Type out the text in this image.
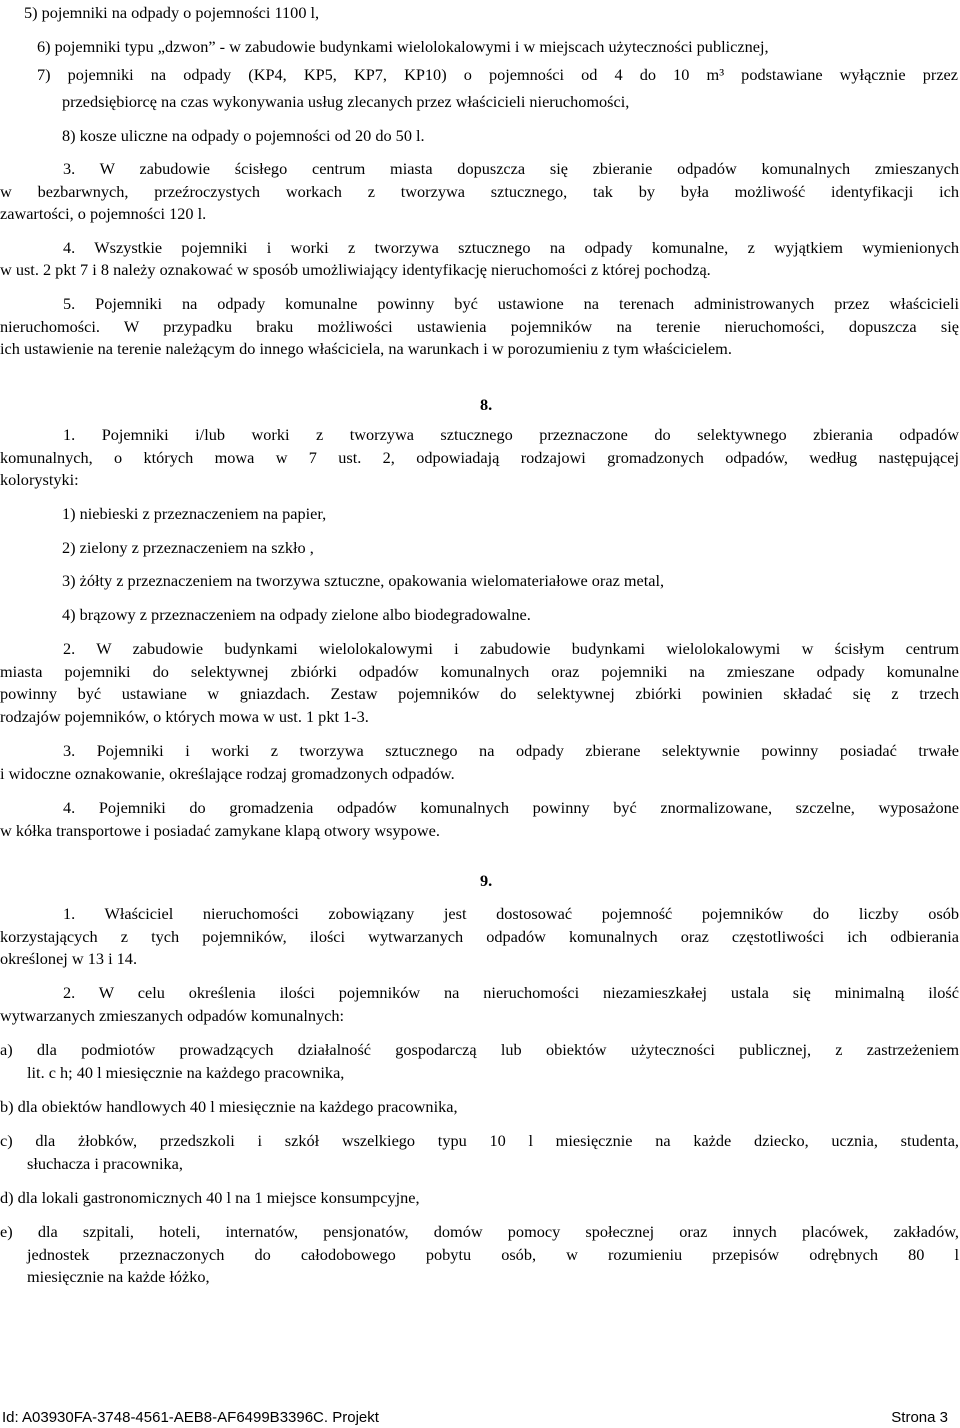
5) pojemniki na odpady o pojemności 1100 l,
6) pojemniki typu „dzwon” - w zabudowie budynkami wielolokalowymi i w miejscach użyteczności publicznej,
7) pojemniki na odpady (KP4, KP5, KP7, KP10) o pojemności od 4 do 10 m³ podstawiane wyłącznie przez
przedsiębiorcę na czas wykonywania usług zlecanych przez właścicieli nieruchomości,
8) kosze uliczne na odpady o pojemności od 20 do 50 l.
3. W zabudowie ścisłego centrum miasta dopuszcza się zbieranie odpadów komunalnych zmieszanych
w bezbarwnych, przeźroczystych workach z tworzywa sztucznego, tak by była możliwość identyfikacji ich
zawartości, o pojemności 120 l.
4. Wszystkie pojemniki i worki z tworzywa sztucznego na odpady komunalne, z wyjątkiem wymienionych
w ust. 2 pkt 7 i 8 należy oznakować w sposób umożliwiający identyfikację nieruchomości z której pochodzą.
5. Pojemniki na odpady komunalne powinny być ustawione na terenach administrowanych przez właścicieli
nieruchomości. W przypadku braku możliwości ustawienia pojemników na terenie nieruchomości, dopuszcza się
ich ustawienie na terenie należącym do innego właściciela, na warunkach i w porozumieniu z tym właścicielem.
8.
1. Pojemniki i/lub worki z tworzywa sztucznego przeznaczone do selektywnego zbierania odpadów
komunalnych, o których mowa w 7 ust. 2, odpowiadają rodzajowi gromadzonych odpadów, według następującej
kolorystyki:
1) niebieski z przeznaczeniem na papier,
2) zielony z przeznaczeniem na szkło ,
3) żółty z przeznaczeniem na tworzywa sztuczne, opakowania wielomateriałowe oraz metal,
4) brązowy z przeznaczeniem na odpady zielone albo biodegradowalne.
2. W zabudowie budynkami wielolokalowymi i zabudowie budynkami wielolokalowymi w ścisłym centrum
miasta pojemniki do selektywnej zbiórki odpadów komunalnych oraz pojemniki na zmieszane odpady komunalne
powinny być ustawiane w gniazdach. Zestaw pojemników do selektywnej zbiórki powinien składać się z trzech
rodzajów pojemników, o których mowa w ust. 1 pkt 1-3.
3. Pojemniki i worki z tworzywa sztucznego na odpady zbierane selektywnie powinny posiadać trwałe
i widoczne oznakowanie, określające rodzaj gromadzonych odpadów.
4. Pojemniki do gromadzenia odpadów komunalnych powinny być znormalizowane, szczelne, wyposażone
w kółka transportowe i posiadać zamykane klapą otwory wsypowe.
9.
1. Właściciel nieruchomości zobowiązany jest dostosować pojemność pojemników do liczby osób
korzystających z tych pojemników, ilości wytwarzanych odpadów komunalnych oraz częstotliwości ich odbierania
określonej w 13 i 14.
2. W celu określenia ilości pojemników na nieruchomości niezamieszkałej ustala się minimalną ilość
wytwarzanych zmieszanych odpadów komunalnych:
a) dla podmiotów prowadzących działalność gospodarczą lub obiektów użyteczności publicznej, z zastrzeżeniem
lit. c h; 40 l miesięcznie na każdego pracownika,
b) dla obiektów handlowych 40 l miesięcznie na każdego pracownika,
c) dla żłobków, przedszkoli i szkół wszelkiego typu 10 l miesięcznie na każde dziecko, ucznia, studenta,
słuchacza i pracownika,
d) dla lokali gastronomicznych 40 l na 1 miejsce konsumpcyjne,
e) dla szpitali, hoteli, internatów, pensjonatów, domów pomocy społecznej oraz innych placówek, zakładów,
jednostek przeznaczonych do całodobowego pobytu osób, w rozumieniu przepisów odrębnych 80 l
miesięcznie na każde łóżko,
Id: A03930FA-3748-4561-AEB8-AF6499B3396C. Projekt	Strona 3
